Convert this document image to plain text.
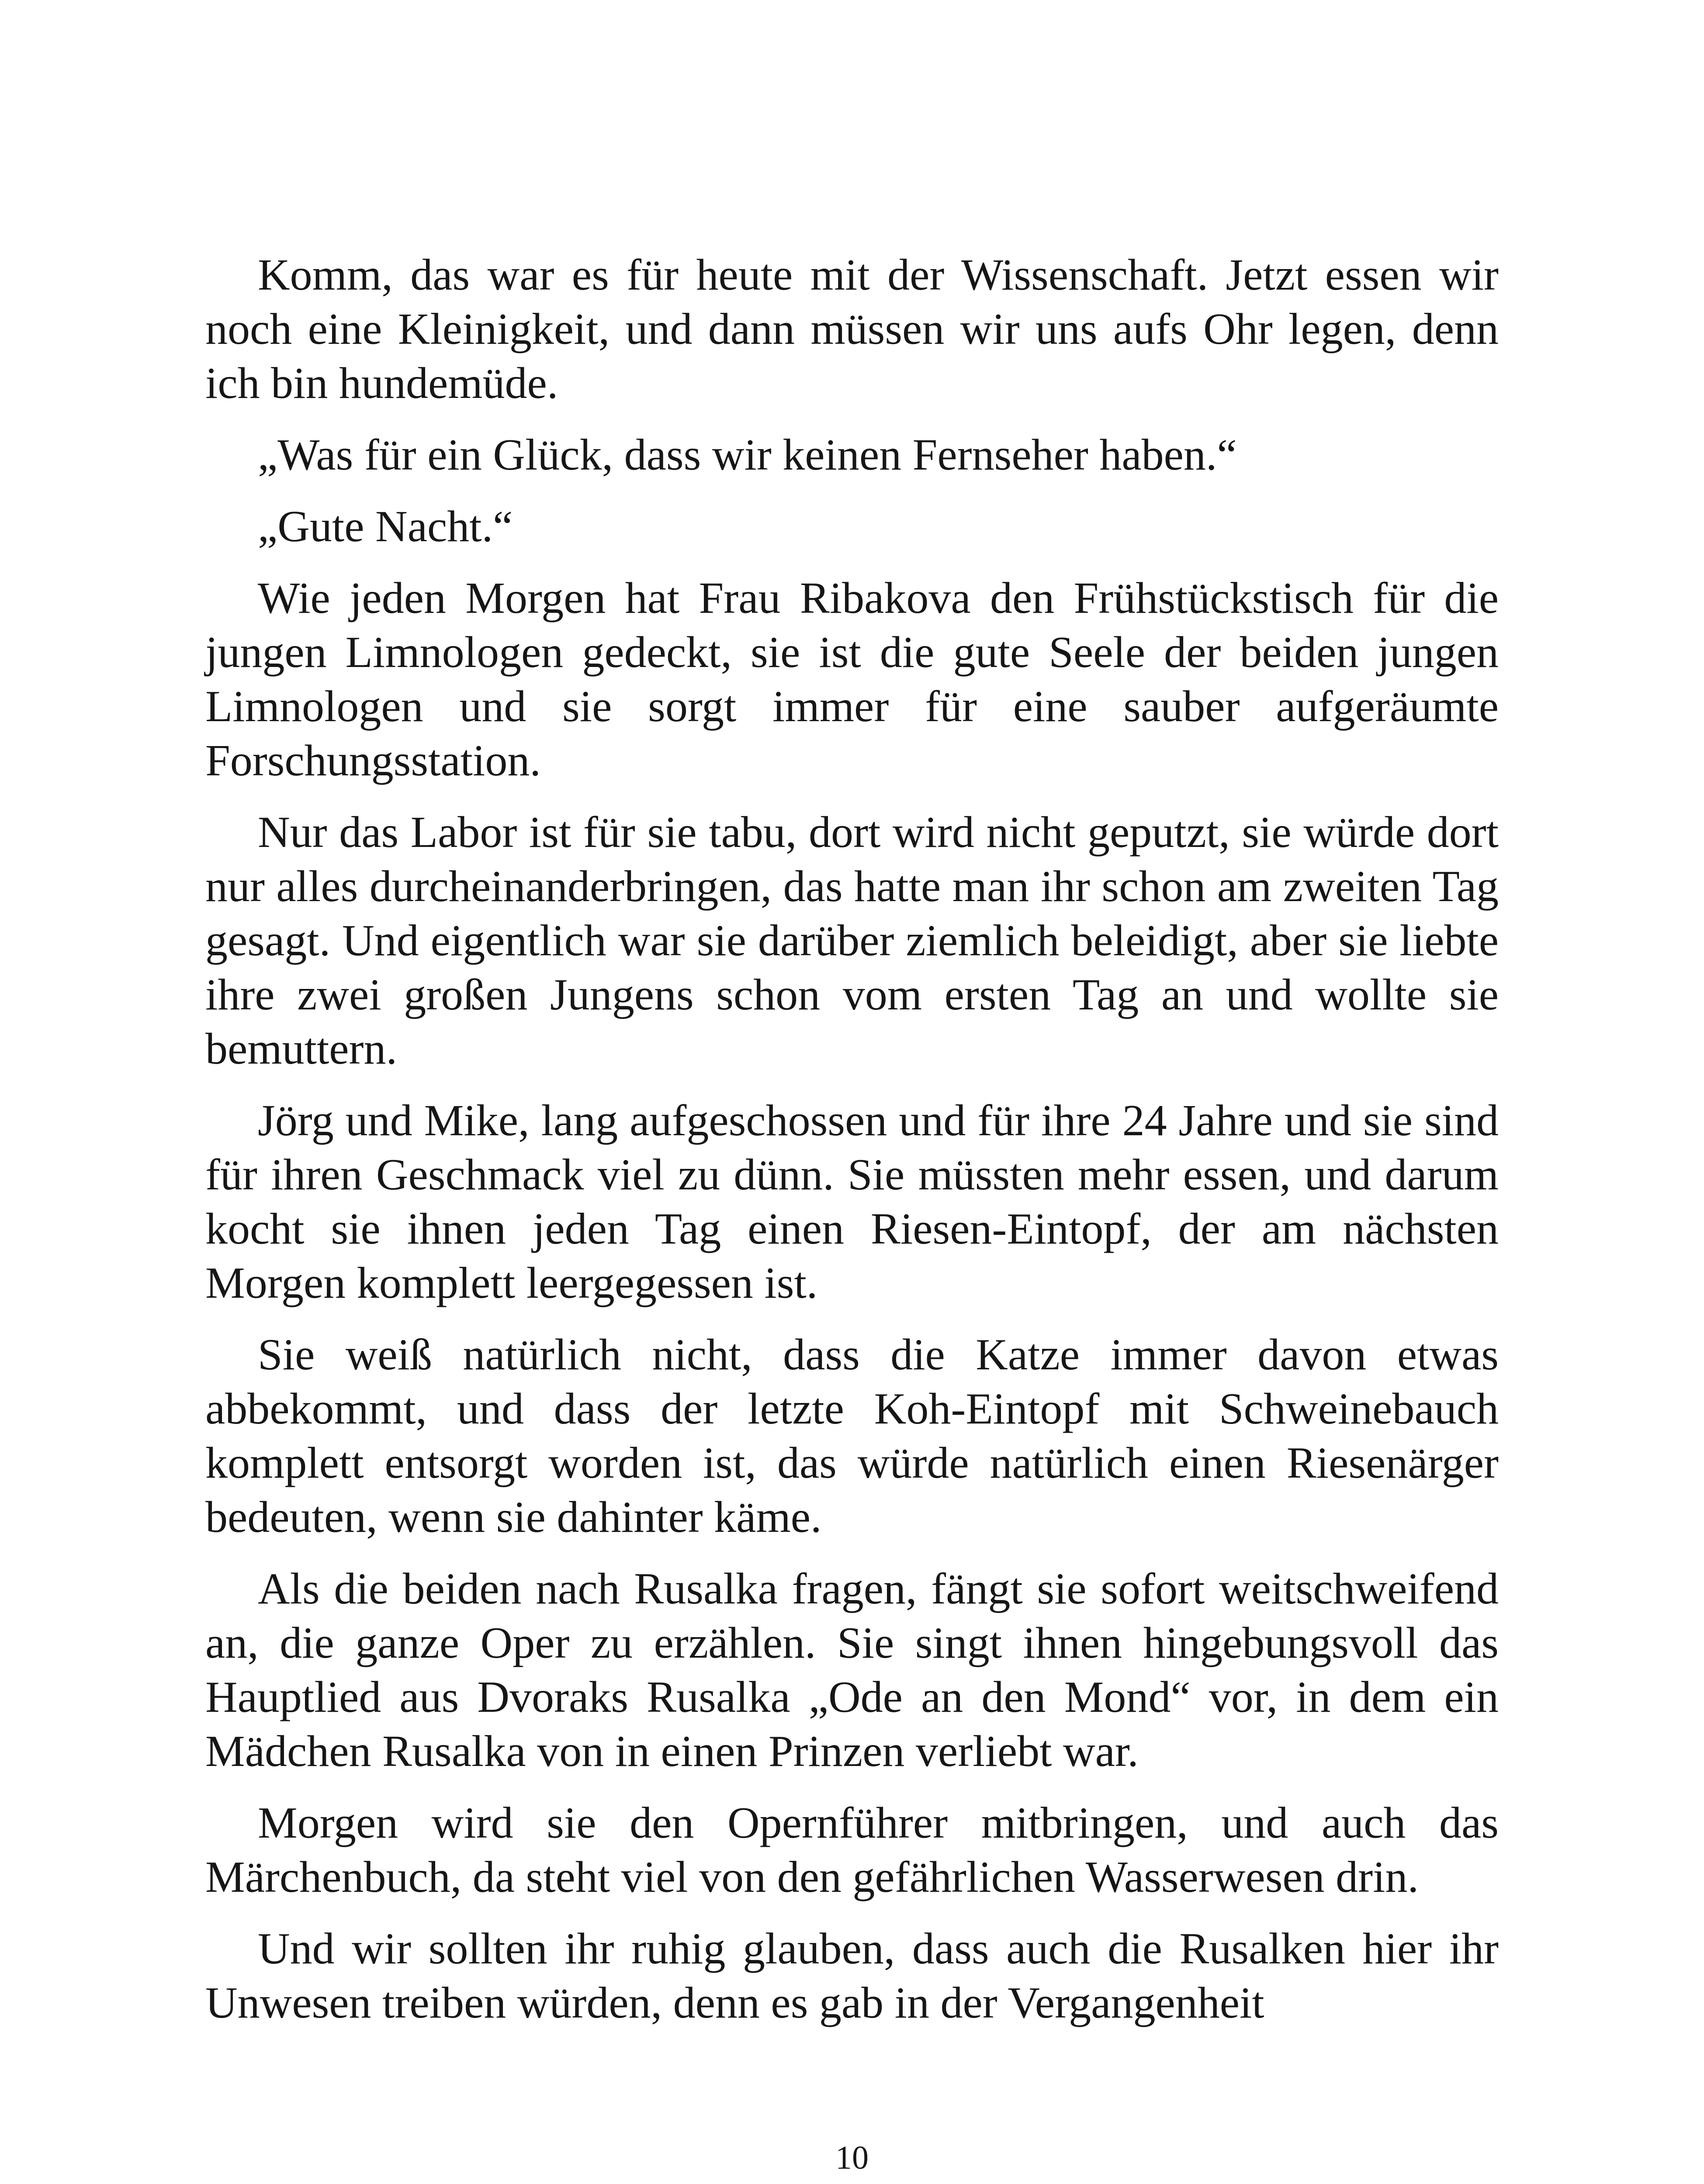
Komm, das war es für heute mit der Wissenschaft. Jetzt essen wir noch eine Kleinigkeit, und dann müssen wir uns aufs Ohr legen, denn ich bin hundemüde.

„Was für ein Glück, dass wir keinen Fernseher haben.“

„Gute Nacht.“

Wie jeden Morgen hat Frau Ribakova den Frühstückstisch für die jungen Limnologen gedeckt, sie ist die gute Seele der beiden jungen Limnologen und sie sorgt immer für eine sauber aufgeräumte Forschungsstation.

Nur das Labor ist für sie tabu, dort wird nicht geputzt, sie würde dort nur alles durcheinanderbringen, das hatte man ihr schon am zweiten Tag gesagt. Und eigentlich war sie darüber ziemlich beleidigt, aber sie liebte ihre zwei großen Jungens schon vom ersten Tag an und wollte sie bemuttern.

Jörg und Mike, lang aufgeschossen und für ihre 24 Jahre und sie sind für ihren Geschmack viel zu dünn. Sie müssten mehr essen, und darum kocht sie ihnen jeden Tag einen Riesen-Eintopf, der am nächsten Morgen komplett leergegessen ist.

Sie weiß natürlich nicht, dass die Katze immer davon etwas abbekommt, und dass der letzte Koh-Eintopf mit Schweinebauch komplett entsorgt worden ist, das würde natürlich einen Riesenärger bedeuten, wenn sie dahinter käme.

Als die beiden nach Rusalka fragen, fängt sie sofort weitschweifend an, die ganze Oper zu erzählen. Sie singt ihnen hingebungsvoll das Hauptlied aus Dvoraks Rusalka „Ode an den Mond“ vor, in dem ein Mädchen Rusalka von in einen Prinzen verliebt war.

Morgen wird sie den Opernführer mitbringen, und auch das Märchenbuch, da steht viel von den gefährlichen Wasserwesen drin.

Und wir sollten ihr ruhig glauben, dass auch die Rusalken hier ihr Unwesen treiben würden, denn es gab in der Vergangenheit

10
